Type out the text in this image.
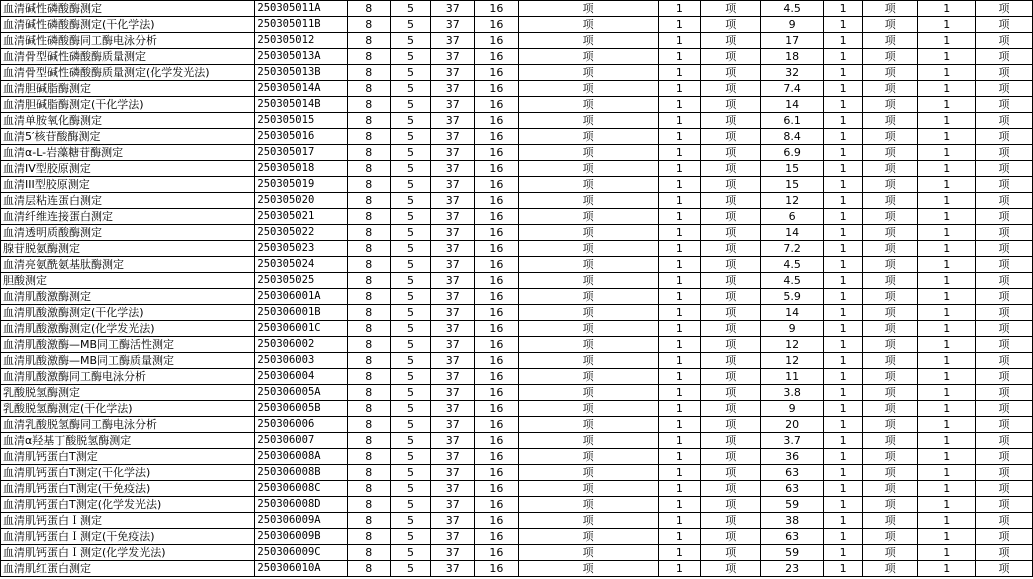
血清碱性磷酸酶测定	250305011A	8	5	37	16	项	1	项	4.5	1	项	1	项
血清碱性磷酸酶测定(干化学法)	250305011B	8	5	37	16	项	1	项	9	1	项	1	项
血清碱性磷酸酶同工酶电泳分析	250305012	8	5	37	16	项	1	项	17	1	项	1	项
血清骨型碱性磷酸酶质量测定	250305013A	8	5	37	16	项	1	项	18	1	项	1	项
血清骨型碱性磷酸酶质量测定(化学发光法)	250305013B	8	5	37	16	项	1	项	32	1	项	1	项
血清胆碱脂酶测定	250305014A	8	5	37	16	项	1	项	7.4	1	项	1	项
血清胆碱脂酶测定(干化学法)	250305014B	8	5	37	16	项	1	项	14	1	项	1	项
血清单胺氧化酶测定	250305015	8	5	37	16	项	1	项	6.1	1	项	1	项
血清5′核苷酸酶测定	250305016	8	5	37	16	项	1	项	8.4	1	项	1	项
血清α-L-岩藻糖苷酶测定	250305017	8	5	37	16	项	1	项	6.9	1	项	1	项
血清IV型胶原测定	250305018	8	5	37	16	项	1	项	15	1	项	1	项
血清III型胶原测定	250305019	8	5	37	16	项	1	项	15	1	项	1	项
血清层粘连蛋白测定	250305020	8	5	37	16	项	1	项	12	1	项	1	项
血清纤维连接蛋白测定	250305021	8	5	37	16	项	1	项	6	1	项	1	项
血清透明质酸酶测定	250305022	8	5	37	16	项	1	项	14	1	项	1	项
腺苷脱氨酶测定	250305023	8	5	37	16	项	1	项	7.2	1	项	1	项
血清亮氨酰氨基肽酶测定	250305024	8	5	37	16	项	1	项	4.5	1	项	1	项
胆酸测定	250305025	8	5	37	16	项	1	项	4.5	1	项	1	项
血清肌酸激酶测定	250306001A	8	5	37	16	项	1	项	5.9	1	项	1	项
血清肌酸激酶测定(干化学法)	250306001B	8	5	37	16	项	1	项	14	1	项	1	项
血清肌酸激酶测定(化学发光法)	250306001C	8	5	37	16	项	1	项	9	1	项	1	项
血清肌酸激酶—MB同工酶活性测定	250306002	8	5	37	16	项	1	项	12	1	项	1	项
血清肌酸激酶—MB同工酶质量测定	250306003	8	5	37	16	项	1	项	12	1	项	1	项
血清肌酸激酶同工酶电泳分析	250306004	8	5	37	16	项	1	项	11	1	项	1	项
乳酸脱氢酶测定	250306005A	8	5	37	16	项	1	项	3.8	1	项	1	项
乳酸脱氢酶测定(干化学法)	250306005B	8	5	37	16	项	1	项	9	1	项	1	项
血清乳酸脱氢酶同工酶电泳分析	250306006	8	5	37	16	项	1	项	20	1	项	1	项
血清α羟基丁酸脱氢酶测定	250306007	8	5	37	16	项	1	项	3.7	1	项	1	项
血清肌钙蛋白T测定	250306008A	8	5	37	16	项	1	项	36	1	项	1	项
血清肌钙蛋白T测定(干化学法)	250306008B	8	5	37	16	项	1	项	63	1	项	1	项
血清肌钙蛋白T测定(干免疫法)	250306008C	8	5	37	16	项	1	项	63	1	项	1	项
血清肌钙蛋白T测定(化学发光法)	250306008D	8	5	37	16	项	1	项	59	1	项	1	项
血清肌钙蛋白Ｉ测定	250306009A	8	5	37	16	项	1	项	38	1	项	1	项
血清肌钙蛋白Ｉ测定(干免疫法)	250306009B	8	5	37	16	项	1	项	63	1	项	1	项
血清肌钙蛋白Ｉ测定(化学发光法)	250306009C	8	5	37	16	项	1	项	59	1	项	1	项
血清肌红蛋白测定	250306010A	8	5	37	16	项	1	项	23	1	项	1	项
